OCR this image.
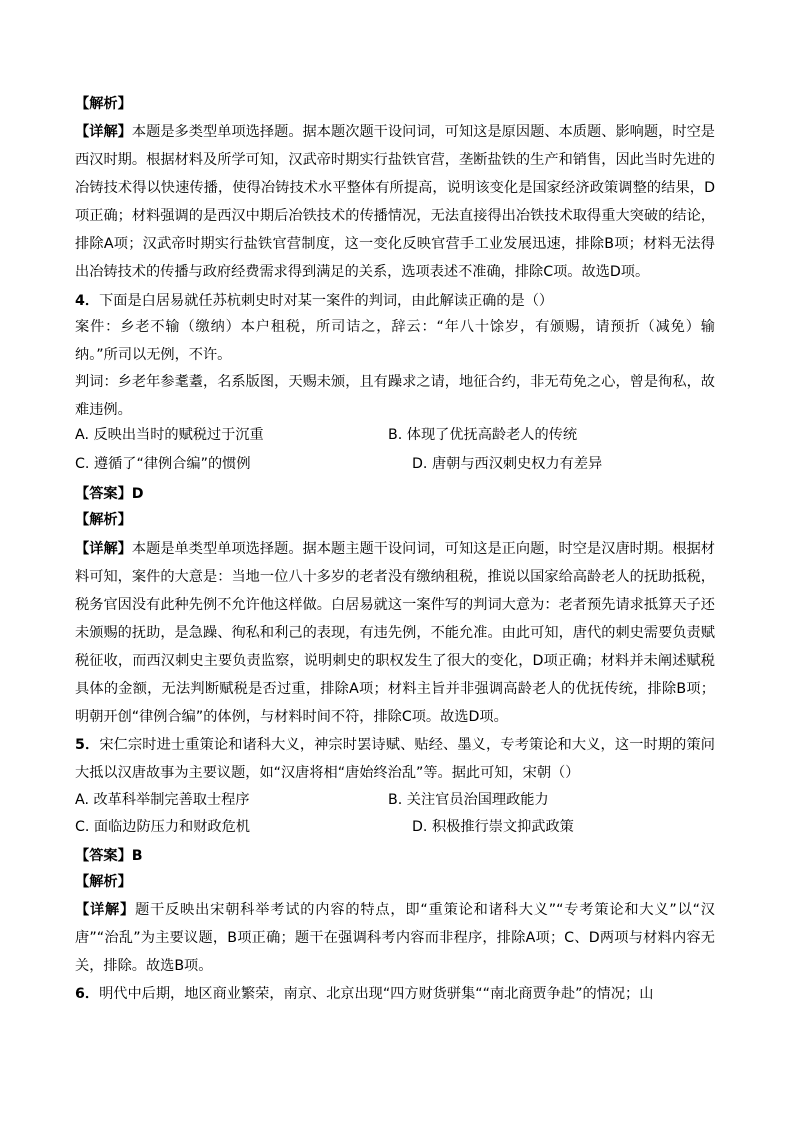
【解析】
【详解】本题是多类型单项选择题。据本题次题干设问词，可知这是原因题、本质题、影响题，时空是西汉时期。根据材料及所学可知，汉武帝时期实行盐铁官营，垄断盐铁的生产和销售，因此当时先进的冶铸技术得以快速传播，使得冶铸技术水平整体有所提高，说明该变化是国家经济政策调整的结果，D项正确；材料强调的是西汉中期后冶铁技术的传播情况，无法直接得出冶铁技术取得重大突破的结论，排除A项；汉武帝时期实行盐铁官营制度，这一变化反映官营手工业发展迅速，排除B项；材料无法得出冶铸技术的传播与政府经费需求得到满足的关系，选项表述不准确，排除C项。故选D项。
4．下面是白居易就任苏杭刺史时对某一案件的判词，由此解读正确的是（）
案件：乡老不输（缴纳）本户租税，所司诘之，辞云：“年八十馀岁，有颁赐，请预折（减免）输纳。”所司以无例，不许。
判词：乡老年参耄耋，名系版图，天赐未颁，且有躁求之请，地征合约，非无苟免之心，曾是徇私，故难违例。
A. 反映出当时的赋税过于沉重	B. 体现了优抚高龄老人的传统
C. 遵循了“律例合编”的惯例	D. 唐朝与西汉刺史权力有差异
【答案】D
【解析】
【详解】本题是单类型单项选择题。据本题主题干设问词，可知这是正向题，时空是汉唐时期。根据材料可知，案件的大意是：当地一位八十多岁的老者没有缴纳租税，推说以国家给高龄老人的抚助抵税，税务官因没有此种先例不允许他这样做。白居易就这一案件写的判词大意为：老者预先请求抵算天子还未颁赐的抚助，是急躁、徇私和利己的表现，有违先例，不能允准。由此可知，唐代的刺史需要负责赋税征收，而西汉刺史主要负责监察，说明刺史的职权发生了很大的变化，D项正确；材料并未阐述赋税具体的金额，无法判断赋税是否过重，排除A项；材料主旨并非强调高龄老人的优抚传统，排除B项；明朝开创“律例合编”的体例，与材料时间不符，排除C项。故选D项。
5．宋仁宗时进士重策论和诸科大义，神宗时罢诗赋、贴经、墨义，专考策论和大义，这一时期的策问大抵以汉唐故事为主要议题，如“汉唐将相“唐始终治乱”等。据此可知，宋朝（）
A. 改革科举制完善取士程序	B. 关注官员治国理政能力
C. 面临边防压力和财政危机	D. 积极推行崇文抑武政策
【答案】B
【解析】
【详解】题干反映出宋朝科举考试的内容的特点，即“重策论和诸科大义”“专考策论和大义”以“汉唐”“治乱”为主要议题，B项正确；题干在强调科考内容而非程序，排除A项；C、D两项与材料内容无关，排除。故选B项。
6．明代中后期，地区商业繁荣，南京、北京出现“四方财货骈集““南北商贾争赴”的情况；山
